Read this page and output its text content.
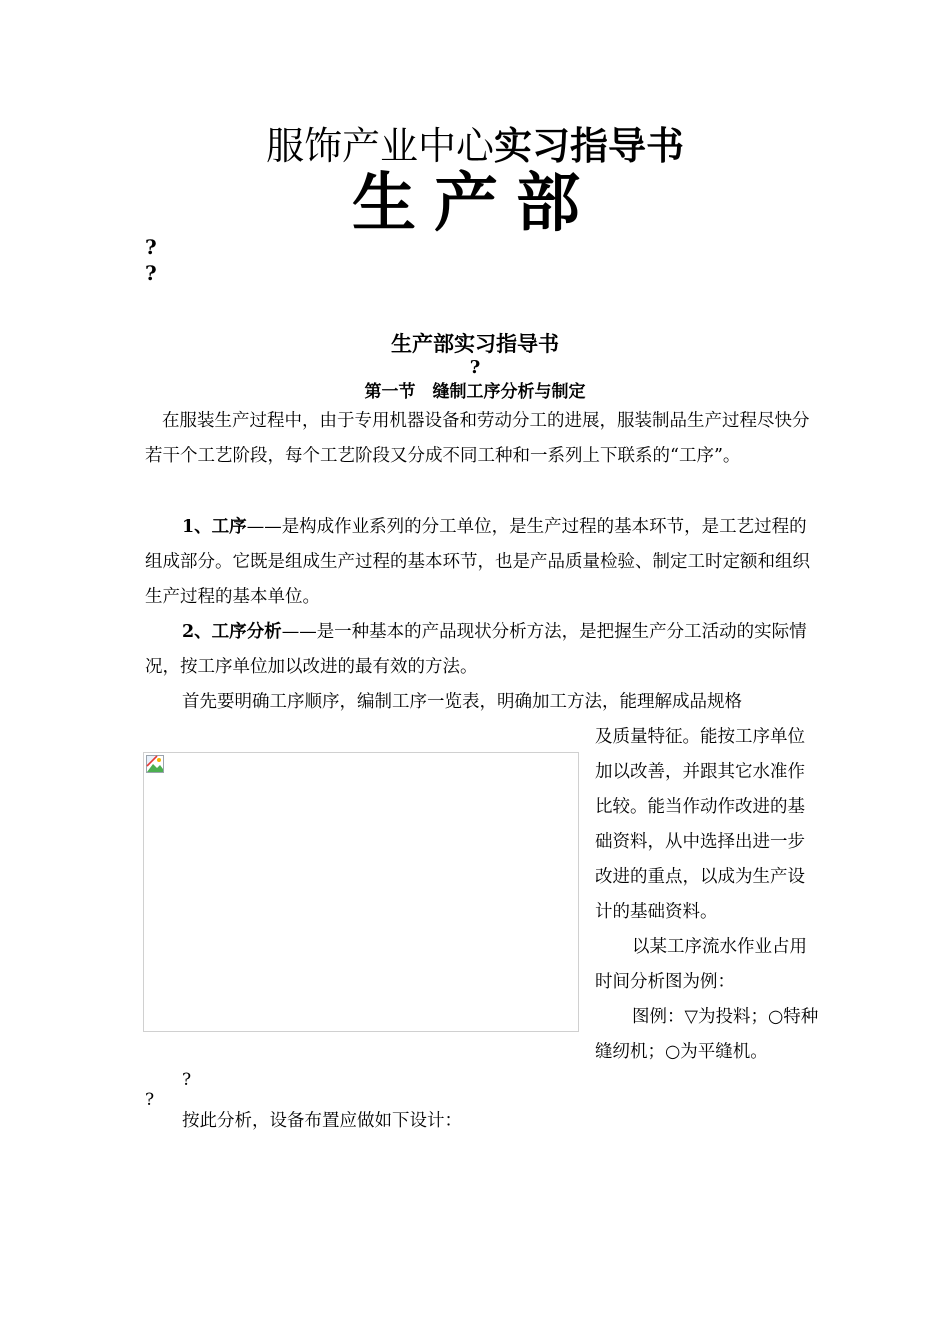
服饰产业中心实习指导书
生产部
?
?
生产部实习指导书
?
第一节　缝制工序分析与制定

在服装生产过程中，由于专用机器设备和劳动分工的进展，服装制品生产过程尽快分若干个工艺阶段，每个工艺阶段又分成不同工种和一系列上下联系的“工序”。

1、工序——是构成作业系列的分工单位，是生产过程的基本环节，是工艺过程的组成部分。它既是组成生产过程的基本环节，也是产品质量检验、制定工时定额和组织生产过程的基本单位。

2、工序分析——是一种基本的产品现状分析方法，是把握生产分工活动的实际情况，按工序单位加以改进的最有效的方法。

首先要明确工序顺序，编制工序一览表，明确加工方法，能理解成品规格

及质量特征。能按工序单位加以改善，并跟其它水准作比较。能当作动作改进的基础资料，从中选择出进一步改进的重点，以成为生产设计的基础资料。

以某工序流水作业占用时间分析图为例：

图例：▽为投料；○特种缝纫机；○为平缝机。

?
?

按此分析，设备布置应做如下设计：
